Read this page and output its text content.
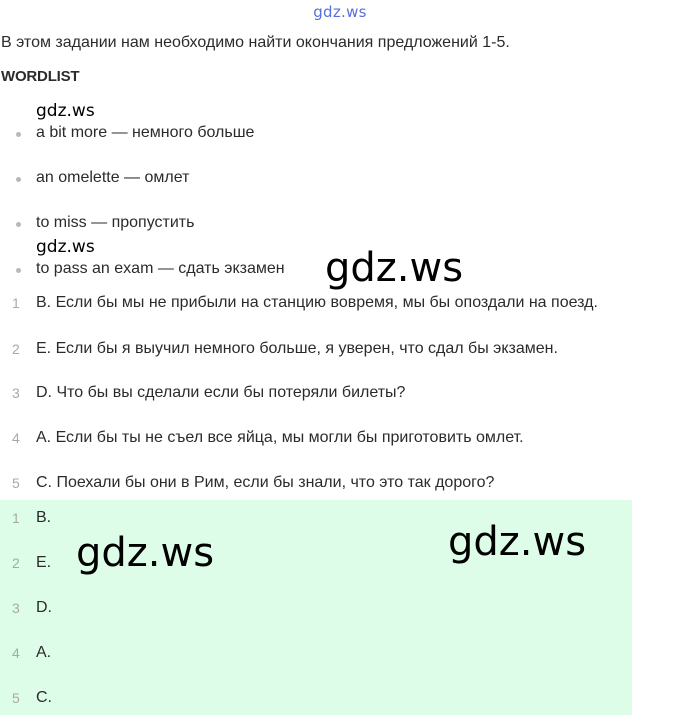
gdz.ws
В этом задании нам необходимо найти окончания предложений 1-5.
WORDLIST
a bit more — немного больше
an omelette — омлет
to miss — пропустить
to pass an exam — сдать экзамен
1	B. Если бы мы не прибыли на станцию вовремя, мы бы опоздали на поезд.
2	E. Если бы я выучил немного больше, я уверен, что сдал бы экзамен.
3	D. Что бы вы сделали если бы потеряли билеты?
4	A. Если бы ты не съел все яйца, мы могли бы приготовить омлет.
5	C. Поехали бы они в Рим, если бы знали, что это так дорого?
1	B.
2	E.
3	D.
4	A.
5	C.
gdz.ws
gdz.ws	gdz.ws
gdz.ws	gdz.ws
